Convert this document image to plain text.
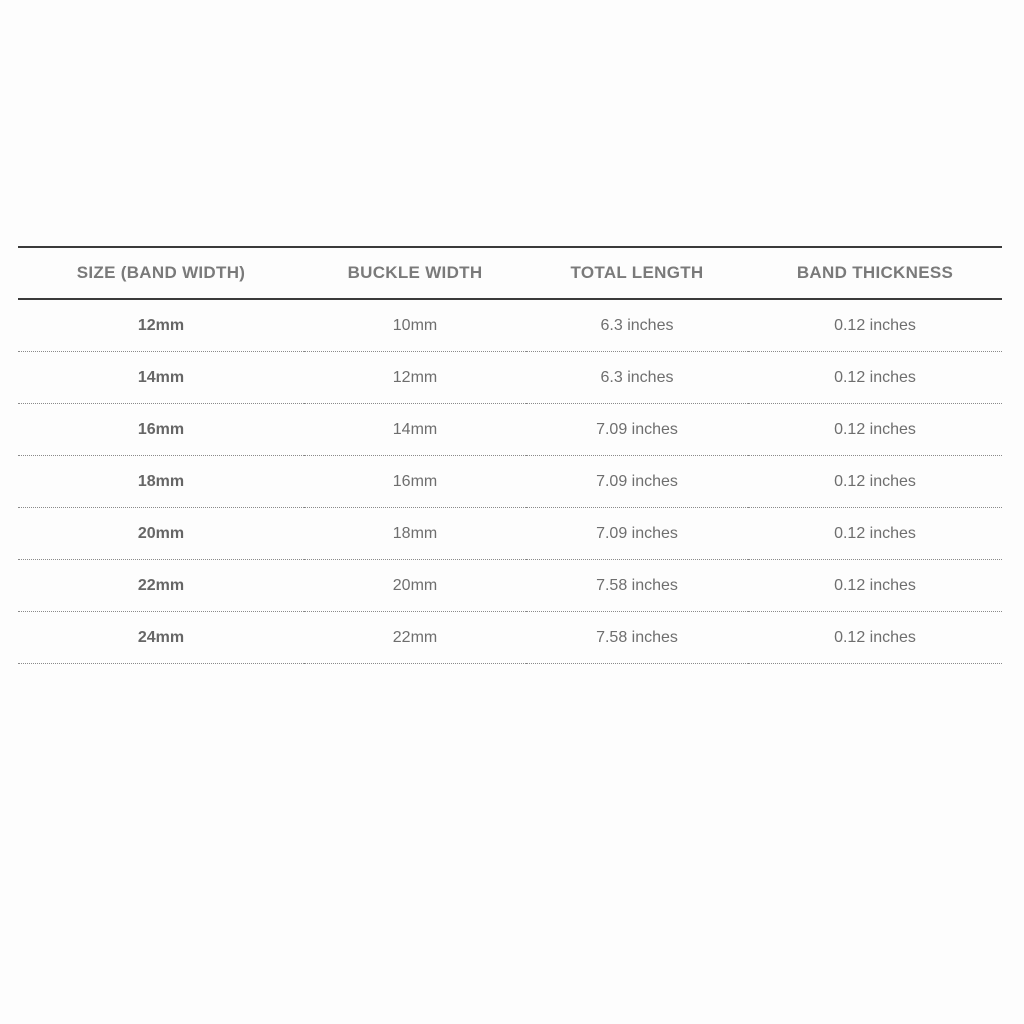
SIZE (BAND WIDTH)	BUCKLE WIDTH	TOTAL LENGTH	BAND THICKNESS
12mm	10mm	6.3 inches	0.12 inches
14mm	12mm	6.3 inches	0.12 inches
16mm	14mm	7.09 inches	0.12 inches
18mm	16mm	7.09 inches	0.12 inches
20mm	18mm	7.09 inches	0.12 inches
22mm	20mm	7.58 inches	0.12 inches
24mm	22mm	7.58 inches	0.12 inches
